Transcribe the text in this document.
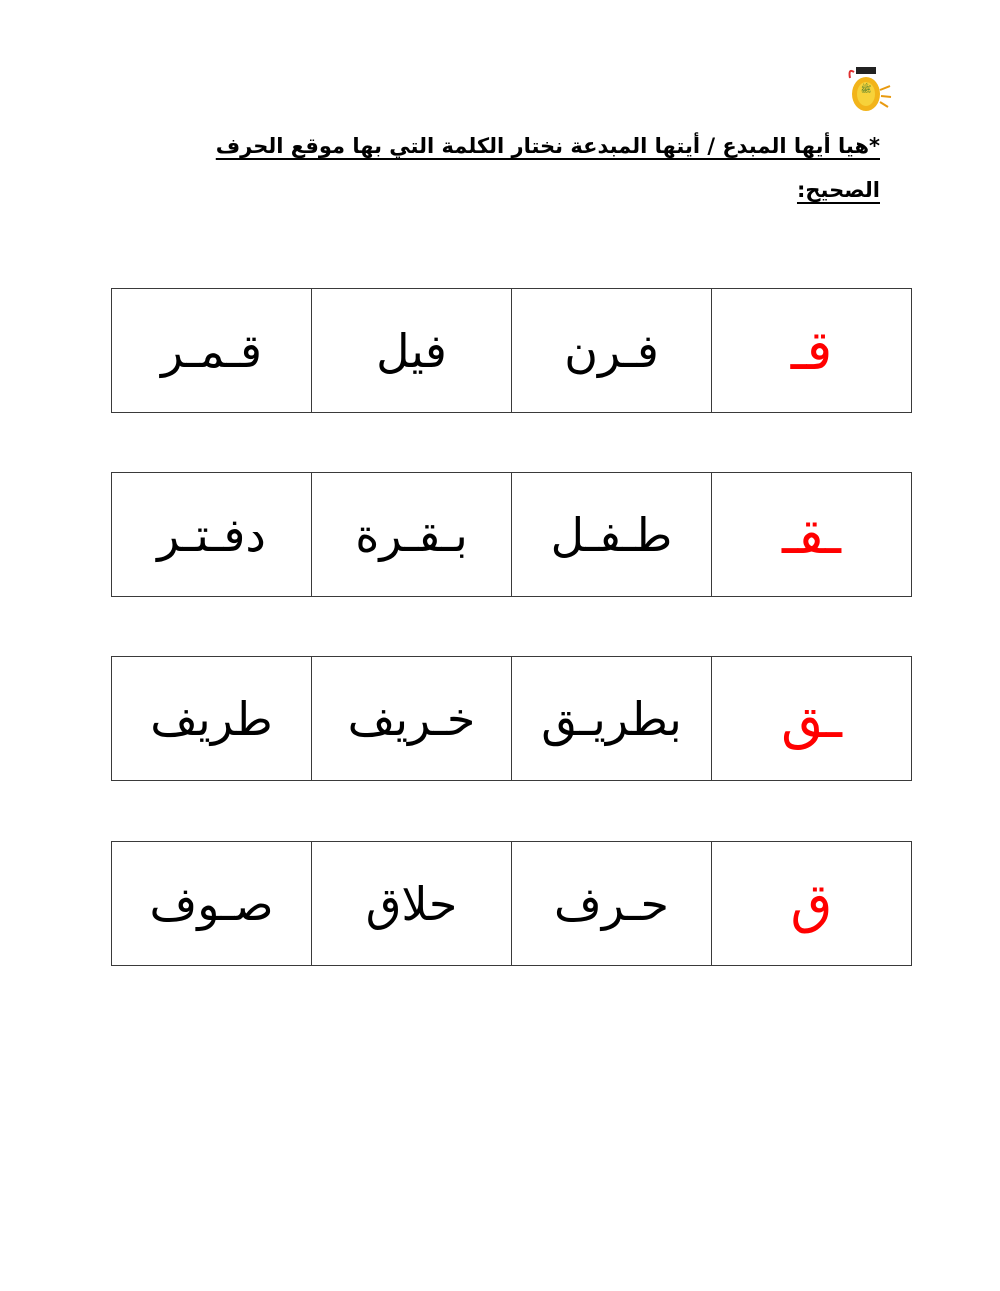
ﷺ
*هيا أيها المبدع / أيتها المبدعة نختار الكلمة التي بها موقع الحرف الصحيح:
قـ
فـرن
فيل
قـمـر
ـقـ
طـفـل
بـقـرة
دفـتـر
ـق
بطريـق
خـريف
طريف
ق
حـرف
حلاق
صـوف
